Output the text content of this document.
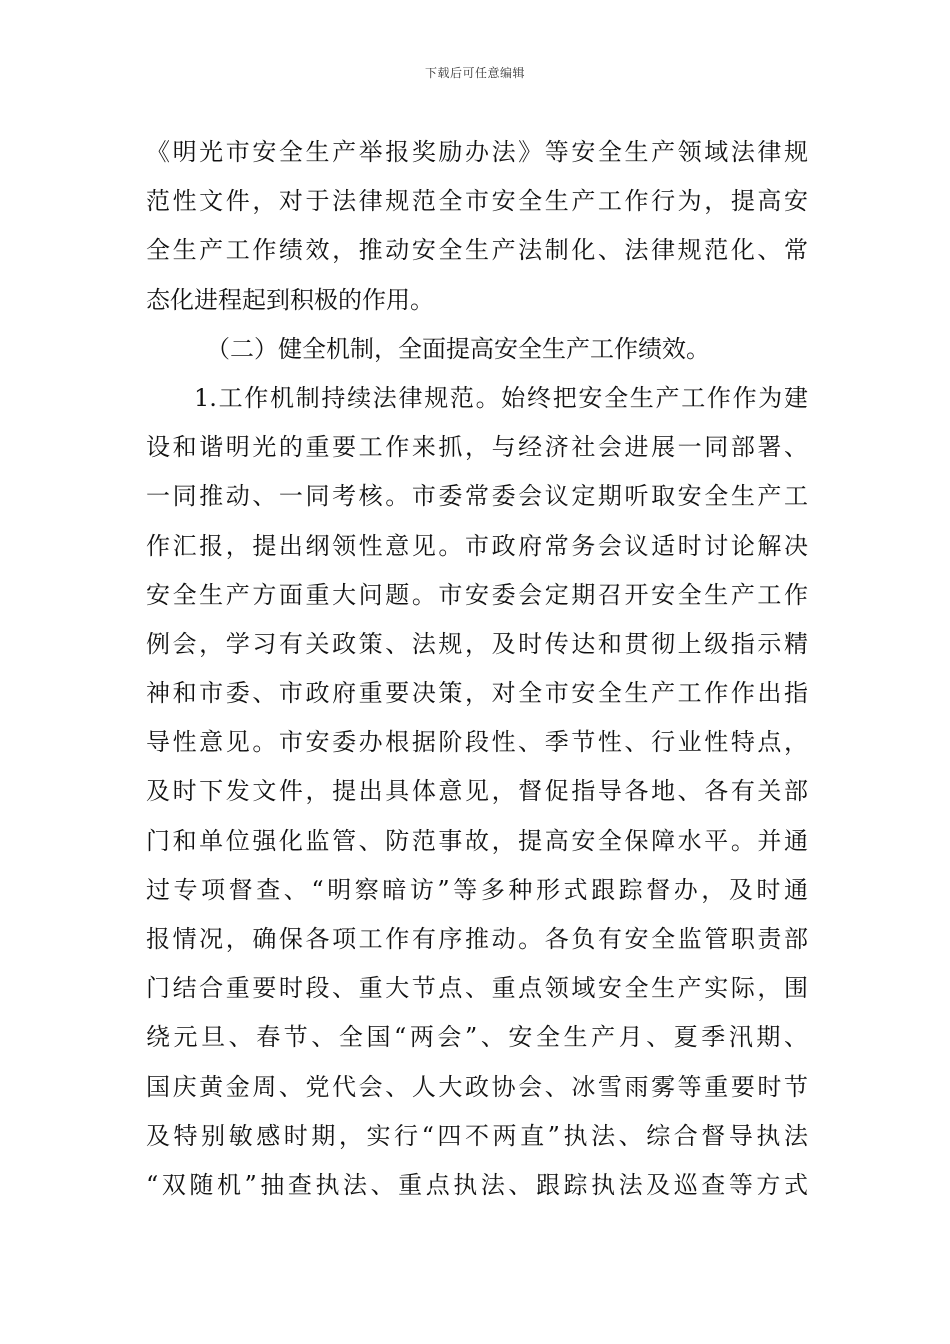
下载后可任意编辑
《明光市安全生产举报奖励办法》等安全生产领域法律规
范性文件，对于法律规范全市安全生产工作行为，提高安
全生产工作绩效，推动安全生产法制化、法律规范化、常
态化进程起到积极的作用。
（二）健全机制，全面提高安全生产工作绩效。
1.工作机制持续法律规范。始终把安全生产工作作为建
设和谐明光的重要工作来抓，与经济社会进展一同部署、
一同推动、一同考核。市委常委会议定期听取安全生产工
作汇报，提出纲领性意见。市政府常务会议适时讨论解决
安全生产方面重大问题。市安委会定期召开安全生产工作
例会，学习有关政策、法规，及时传达和贯彻上级指示精
神和市委、市政府重要决策，对全市安全生产工作作出指
导性意见。市安委办根据阶段性、季节性、行业性特点，
及时下发文件，提出具体意见，督促指导各地、各有关部
门和单位强化监管、防范事故，提高安全保障水平。并通
过专项督查、“明察暗访”等多种形式跟踪督办，及时通
报情况，确保各项工作有序推动。各负有安全监管职责部
门结合重要时段、重大节点、重点领域安全生产实际，围
绕元旦、春节、全国“两会”、安全生产月、夏季汛期、
国庆黄金周、党代会、人大政协会、冰雪雨雾等重要时节
及特别敏感时期，实行“四不两直”执法、综合督导执法
“双随机”抽查执法、重点执法、跟踪执法及巡查等方式
